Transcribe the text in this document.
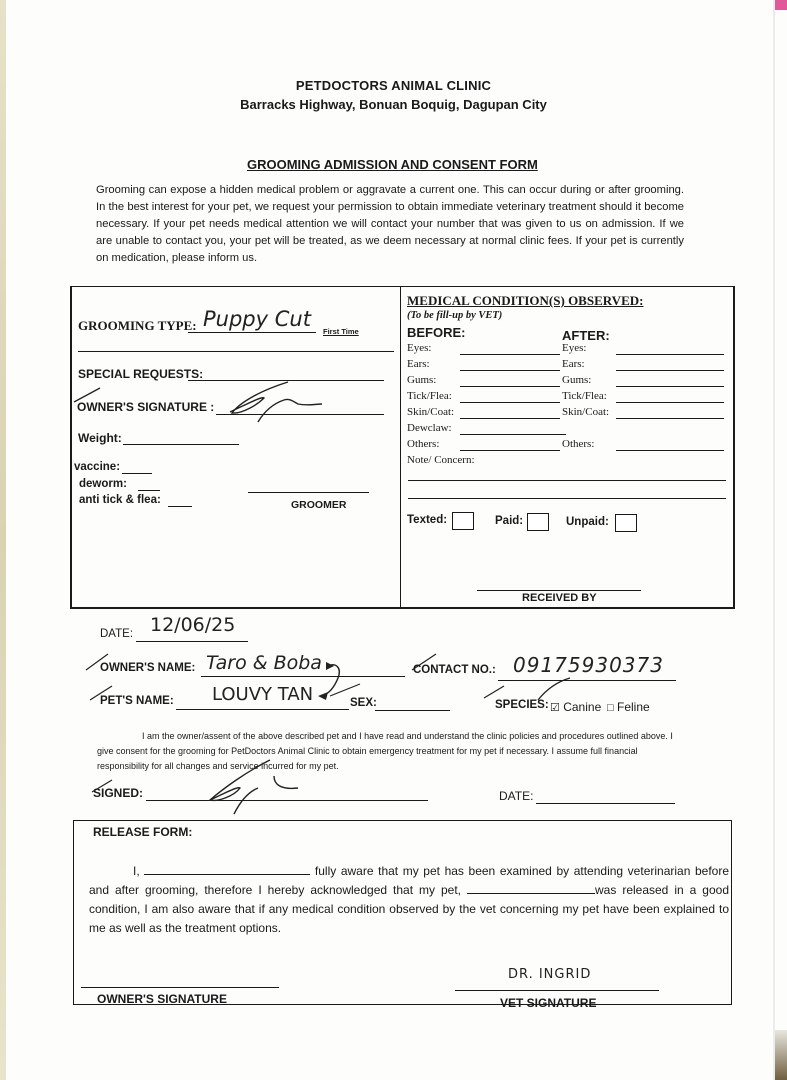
PETDOCTORS ANIMAL CLINIC
Barracks Highway, Bonuan Boquig, Dagupan City
GROOMING ADMISSION AND CONSENT FORM
Grooming can expose a hidden medical problem or aggravate a current one. This can occur during or after grooming. In the best interest for your pet, we request your permission to obtain immediate veterinary treatment should it become necessary. If your pet needs medical attention we will contact your number that was given to us on admission. If we are unable to contact you, your pet will be treated, as we deem necessary at normal clinic fees. If your pet is currently on medication, please inform us.
GROOMING TYPE: Puppy Cut
First Time
SPECIAL REQUESTS:
OWNER'S SIGNATURE :
Weight:
vaccine:
deworm:
anti tick & flea:	GROOMER
MEDICAL CONDITION(S) OBSERVED:
(To be fill-up by VET)
BEFORE:	AFTER:
Eyes:	Eyes:
Ears:	Ears:
Gums:	Gums:
Tick/Flea:	Tick/Flea:
Skin/Coat:	Skin/Coat:
Dewclaw:
Others:	Others:
Note/ Concern:
Texted:	Paid:	Unpaid:
RECEIVED BY
DATE: 12/06/25
OWNER'S NAME: Taro & Boba	CONTACT NO.: 09175930373
PET'S NAME: LOUVY TAN	SEX:	SPECIES: ☑ Canine □ Feline
I am the owner/assent of the above described pet and I have read and understand the clinic policies and procedures outlined above. I give consent for the grooming for PetDoctors Animal Clinic to obtain emergency treatment for my pet if necessary. I assume full financial responsibility for all changes and service incurred for my pet.
SIGNED:	DATE:
RELEASE FORM:
I,	fully aware that my pet has been examined by attending veterinarian before and after grooming, therefore I hereby acknowledged that my pet,	was released in a good condition, I am also aware that if any medical condition observed by the vet concerning my pet have been explained to me as well as the treatment options.
OWNER'S SIGNATURE
DR. INGRID
VET SIGNATURE
